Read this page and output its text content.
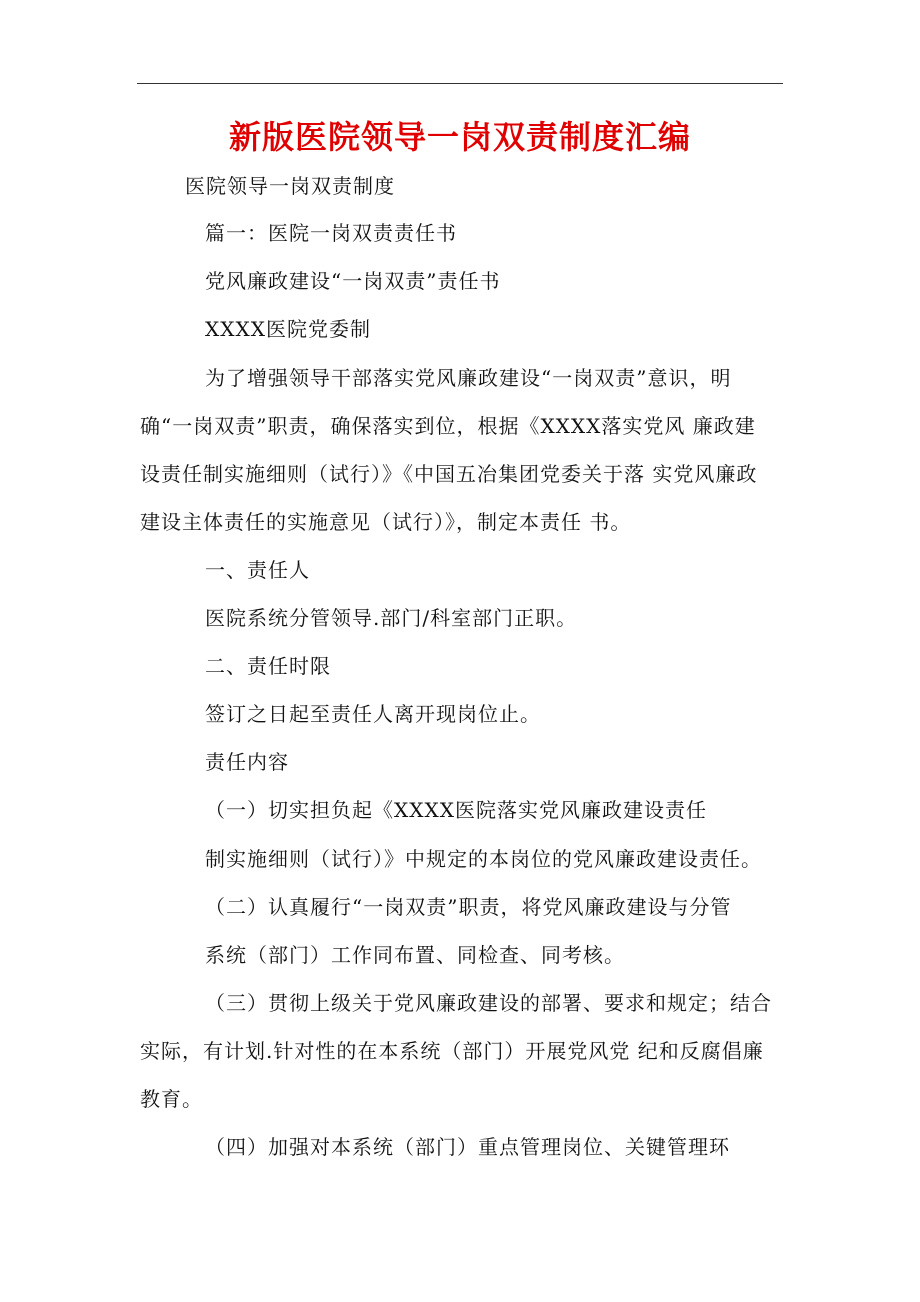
新版医院领导一岗双责制度汇编
医院领导一岗双责制度
篇一：医院一岗双责责任书
党风廉政建设“一岗双责”责任书
XXXX医院党委制
为了增强领导干部落实党风廉政建设“一岗双责”意识，明
确“一岗双责”职责，确保落实到位，根据《XXXX落实党风 廉政建
设责任制实施细则（试行）》《中国五冶集团党委关于落 实党风廉政
建设主体责任的实施意见（试行）》，制定本责任 书。
一、责任人
医院系统分管领导.部门/科室部门正职。
二、责任时限
签订之日起至责任人离开现岗位止。
责任内容
（一）切实担负起《XXXX医院落实党风廉政建设责任
制实施细则（试行）》中规定的本岗位的党风廉政建设责任。
（二）认真履行“一岗双责”职责，将党风廉政建设与分管
系统（部门）工作同布置、同检查、同考核。
（三）贯彻上级关于党风廉政建设的部署、要求和规定；结合
实际，有计划.针对性的在本系统（部门）开展党风党 纪和反腐倡廉
教育。
（四）加强对本系统（部门）重点管理岗位、关键管理环
